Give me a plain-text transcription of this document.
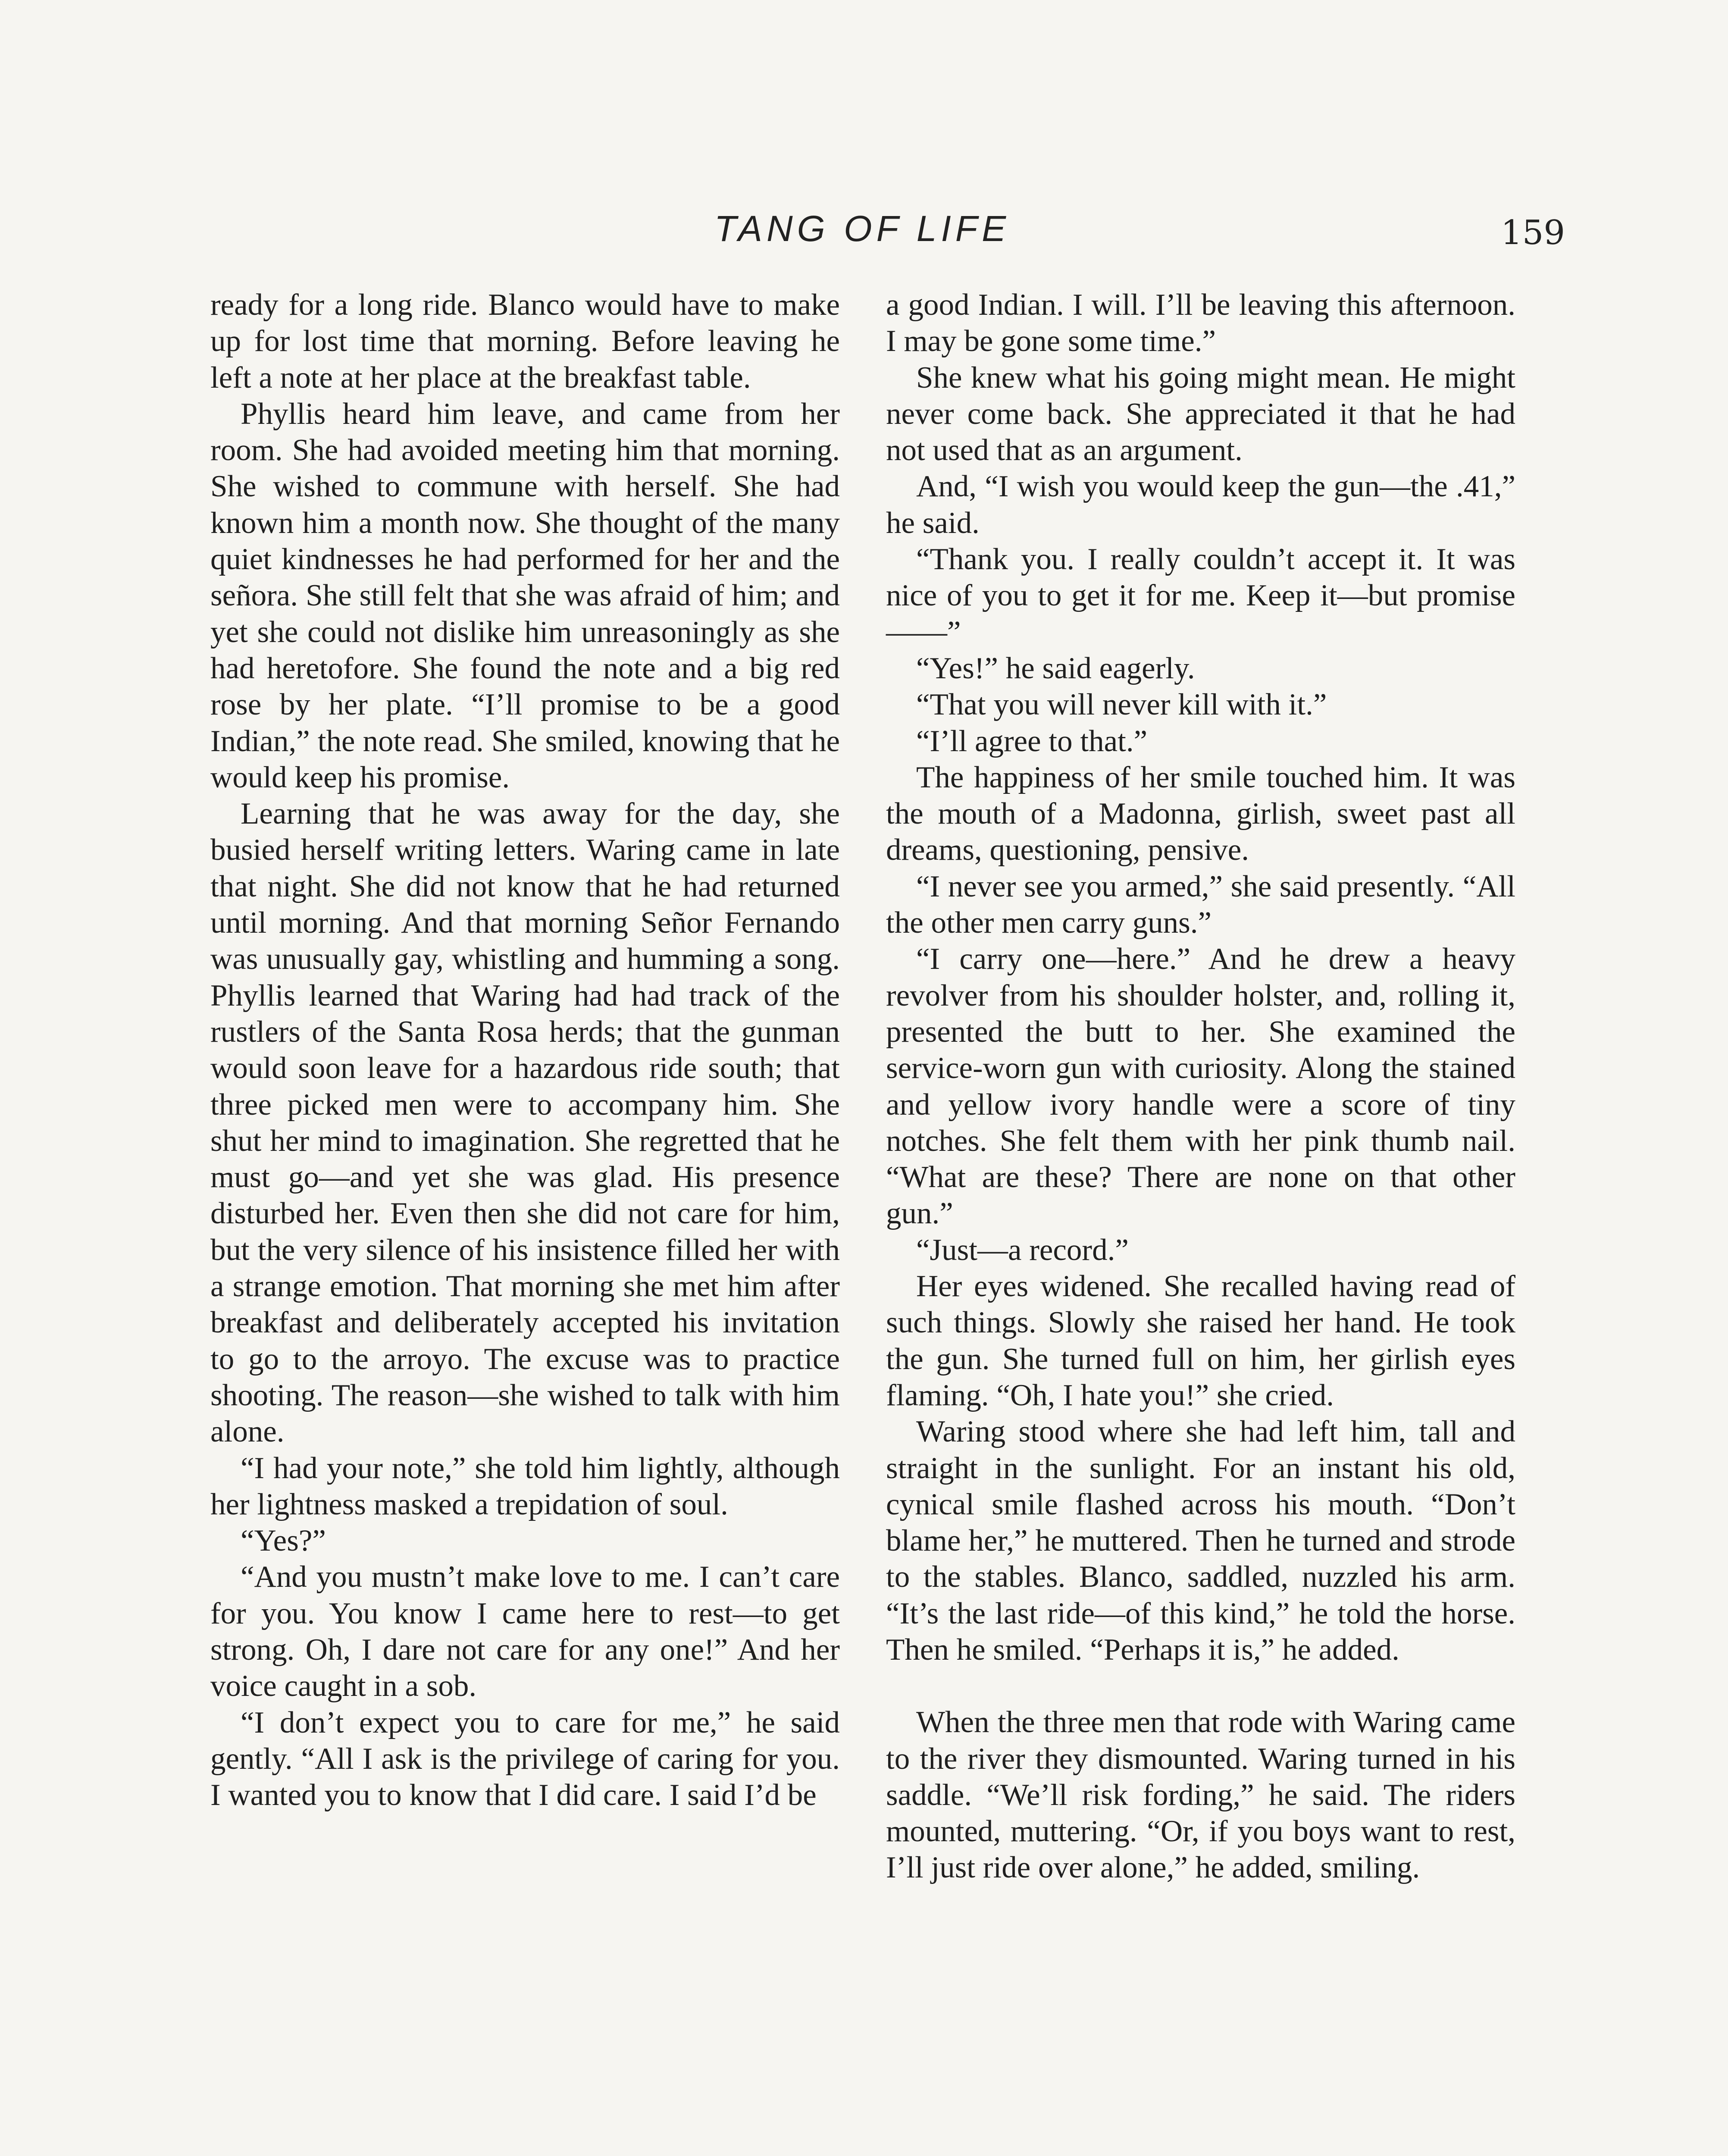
TANG OF LIFE	159

ready for a long ride. Blanco would have to make up for lost time that morning. Before leaving he left a note at her place at the breakfast table.

Phyllis heard him leave, and came from her room. She had avoided meeting him that morning. She wished to commune with herself. She had known him a month now. She thought of the many quiet kindnesses he had performed for her and the señora. She still felt that she was afraid of him; and yet she could not dislike him unreasoningly as she had heretofore. She found the note and a big red rose by her plate. “I’ll promise to be a good Indian,” the note read. She smiled, knowing that he would keep his promise.

Learning that he was away for the day, she busied herself writing letters. Waring came in late that night. She did not know that he had returned until morning. And that morning Señor Fernando was unusually gay, whistling and humming a song. Phyllis learned that Waring had had track of the rustlers of the Santa Rosa herds; that the gunman would soon leave for a hazardous ride south; that three picked men were to accompany him. She shut her mind to imagination. She regretted that he must go—and yet she was glad. His presence disturbed her. Even then she did not care for him, but the very silence of his insistence filled her with a strange emotion. That morning she met him after breakfast and deliberately accepted his invitation to go to the arroyo. The excuse was to practice shooting. The reason—she wished to talk with him alone.

“I had your note,” she told him lightly, although her lightness masked a trepidation of soul.

“Yes?”

“And you mustn’t make love to me. I can’t care for you. You know I came here to rest—to get strong. Oh, I dare not care for any one!” And her voice caught in a sob.

“I don’t expect you to care for me,” he said gently. “All I ask is the privilege of caring for you. I wanted you to know that I did care. I said I’d be

a good Indian. I will. I’ll be leaving this afternoon. I may be gone some time.”

She knew what his going might mean. He might never come back. She appreciated it that he had not used that as an argument.

And, “I wish you would keep the gun—the .41,” he said.

“Thank you. I really couldn’t accept it. It was nice of you to get it for me. Keep it—but promise——”

“Yes!” he said eagerly.

“That you will never kill with it.”

“I’ll agree to that.”

The happiness of her smile touched him. It was the mouth of a Madonna, girlish, sweet past all dreams, questioning, pensive.

“I never see you armed,” she said presently. “All the other men carry guns.”

“I carry one—here.” And he drew a heavy revolver from his shoulder holster, and, rolling it, presented the butt to her. She examined the service-worn gun with curiosity. Along the stained and yellow ivory handle were a score of tiny notches. She felt them with her pink thumb nail. “What are these? There are none on that other gun.”

“Just—a record.”

Her eyes widened. She recalled having read of such things. Slowly she raised her hand. He took the gun. She turned full on him, her girlish eyes flaming. “Oh, I hate you!” she cried.

Waring stood where she had left him, tall and straight in the sunlight. For an instant his old, cynical smile flashed across his mouth. “Don’t blame her,” he muttered. Then he turned and strode to the stables. Blanco, saddled, nuzzled his arm. “It’s the last ride—of this kind,” he told the horse. Then he smiled. “Perhaps it is,” he added.

When the three men that rode with Waring came to the river they dismounted. Waring turned in his saddle. “We’ll risk fording,” he said. The riders mounted, muttering. “Or, if you boys want to rest, I’ll just ride over alone,” he added, smiling.
